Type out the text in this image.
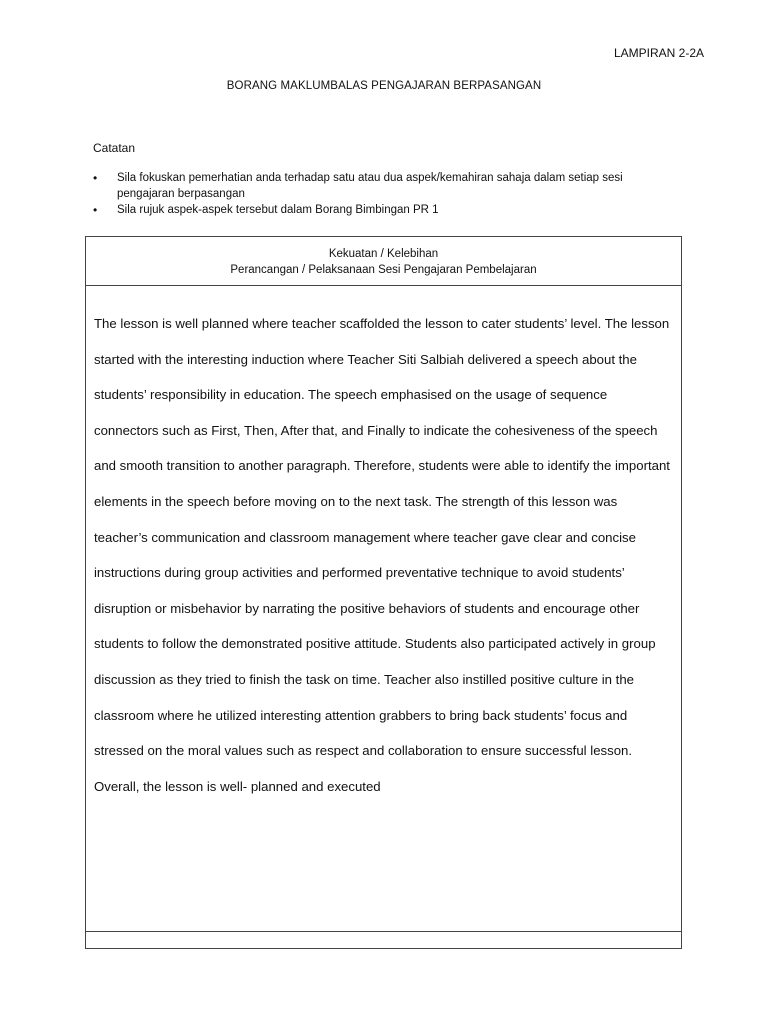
LAMPIRAN 2-2A
BORANG MAKLUMBALAS PENGAJARAN BERPASANGAN
Catatan
• Sila fokuskan pemerhatian anda terhadap satu atau dua aspek/kemahiran sahaja dalam setiap sesi pengajaran berpasangan
• Sila rujuk aspek-aspek tersebut dalam Borang Bimbingan PR 1
Kekuatan / Kelebihan
Perancangan / Pelaksanaan Sesi Pengajaran Pembelajaran
The lesson is well planned where teacher scaffolded the lesson to cater students’ level. The lesson started with the interesting induction where Teacher Siti Salbiah delivered a speech about the students’ responsibility in education. The speech emphasised on the usage of sequence connectors such as First, Then, After that, and Finally to indicate the cohesiveness of the speech and smooth transition to another paragraph. Therefore, students were able to identify the important elements in the speech before moving on to the next task. The strength of this lesson was teacher’s communication and classroom management where teacher gave clear and concise instructions during group activities and performed preventative technique to avoid students’ disruption or misbehavior by narrating the positive behaviors of students and encourage other students to follow the demonstrated positive attitude. Students also participated actively in group discussion as they tried to finish the task on time. Teacher also instilled positive culture in the classroom where he utilized interesting attention grabbers to bring back students’ focus and stressed on the moral values such as respect and collaboration to ensure successful lesson. Overall, the lesson is well- planned and executed
